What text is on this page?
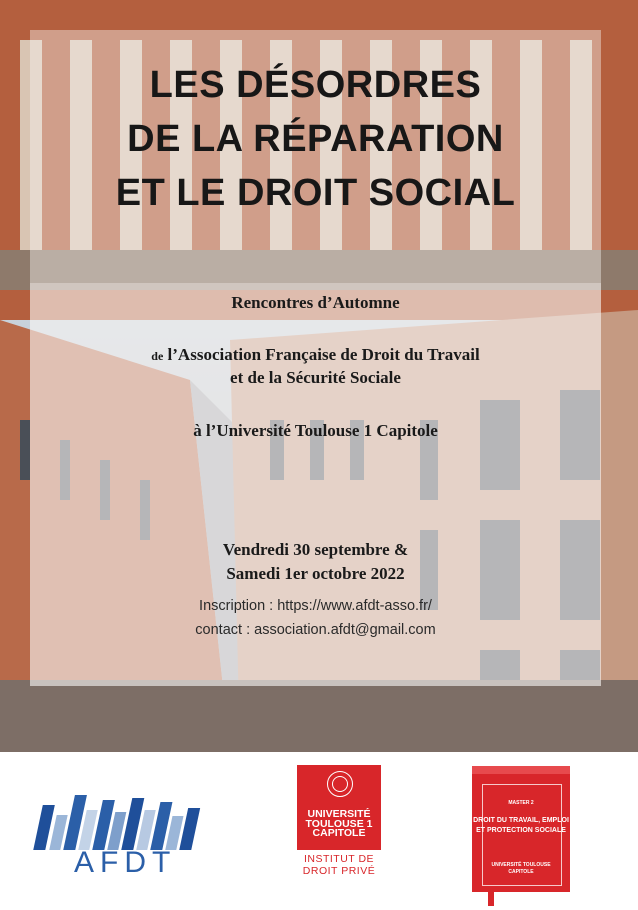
LES DÉSORDRES
DE LA RÉPARATION
ET LE DROIT SOCIAL
Rencontres d’Automne
de l’Association Française de Droit du Travail
et de la Sécurité Sociale
à l’Université Toulouse 1 Capitole
Vendredi 30 septembre &
Samedi 1er octobre 2022
Inscription : https://www.afdt-asso.fr/
contact : association.afdt@gmail.com
AFDT
UNIVERSITÉ
TOULOUSE 1
CAPITOLE
INSTITUT DE
DROIT PRIVÉ
MASTER 2
DROIT DU TRAVAIL, EMPLOI
ET PROTECTION SOCIALE
UNIVERSITÉ TOULOUSE
CAPITOLE
